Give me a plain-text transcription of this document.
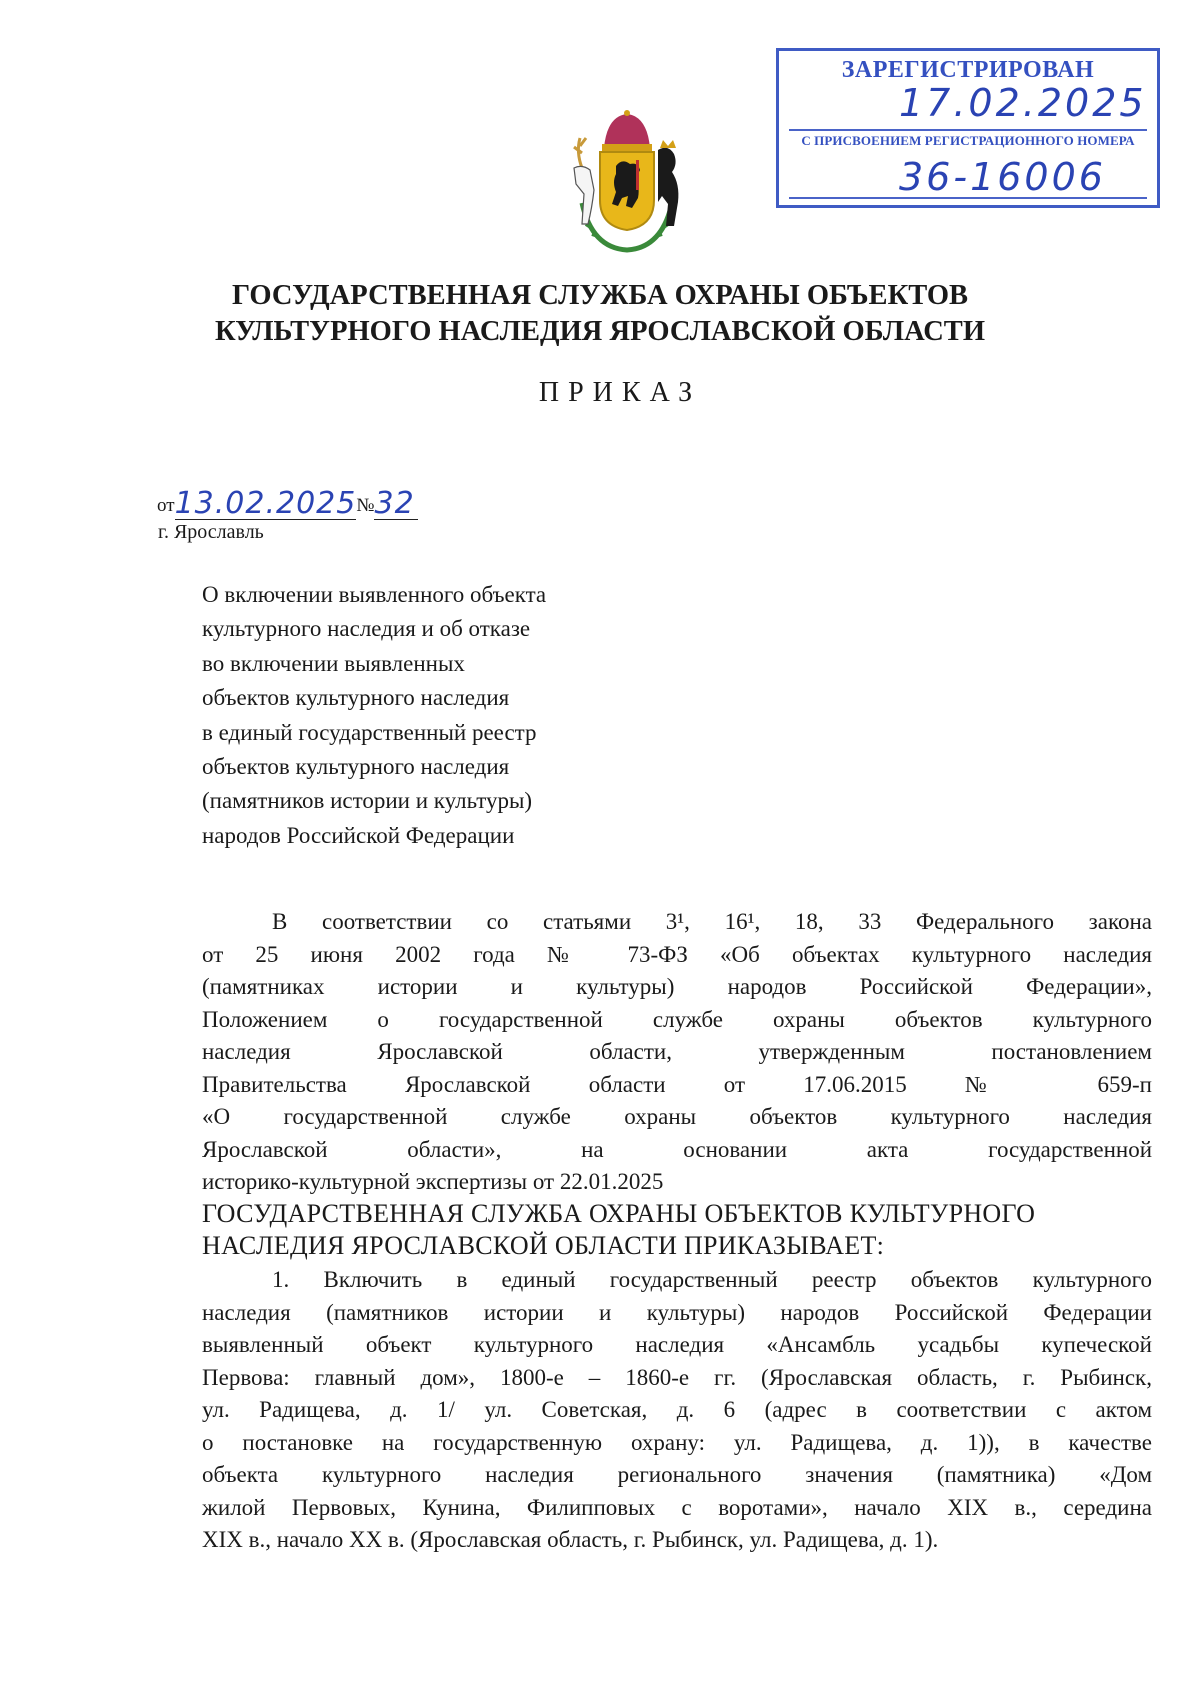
ЗАРЕГИСТРИРОВАН
17.02.2025
С ПРИСВОЕНИЕМ РЕГИСТРАЦИОННОГО НОМЕРА
36-16006
ГОСУДАРСТВЕННАЯ СЛУЖБА ОХРАНЫ ОБЪЕКТОВ
КУЛЬТУРНОГО НАСЛЕДИЯ ЯРОСЛАВСКОЙ ОБЛАСТИ
ПРИКАЗ
от13.02.2025№32
г. Ярославль
О включении выявленного объекта
культурного наследия и об отказе
во включении выявленных
объектов культурного наследия
в единый государственный реестр
объектов культурного наследия
(памятников истории и культуры)
народов Российской Федерации
В соответствии со статьями 3¹, 16¹, 18, 33 Федерального закона
от 25 июня 2002 года № 73-ФЗ «Об объектах культурного наследия
(памятниках истории и культуры) народов Российской Федерации»,
Положением о государственной службе охраны объектов культурного
наследия Ярославской области, утвержденным постановлением
Правительства Ярославской области от 17.06.2015 № 659-п
«О государственной службе охраны объектов культурного наследия
Ярославской области», на основании акта государственной
историко-культурной экспертизы от 22.01.2025
ГОСУДАРСТВЕННАЯ СЛУЖБА ОХРАНЫ ОБЪЕКТОВ КУЛЬТУРНОГО
НАСЛЕДИЯ ЯРОСЛАВСКОЙ ОБЛАСТИ ПРИКАЗЫВАЕТ:
1. Включить в единый государственный реестр объектов культурного
наследия (памятников истории и культуры) народов Российской Федерации
выявленный объект культурного наследия «Ансамбль усадьбы купеческой
Первова: главный дом», 1800-е – 1860-е гг. (Ярославская область, г. Рыбинск,
ул. Радищева, д. 1/ ул. Советская, д. 6 (адрес в соответствии с актом
о постановке на государственную охрану: ул. Радищева, д. 1)), в качестве
объекта культурного наследия регионального значения (памятника) «Дом
жилой Первовых, Кунина, Филипповых с воротами», начало XIX в., середина
XIX в., начало XX в. (Ярославская область, г. Рыбинск, ул. Радищева, д. 1).
